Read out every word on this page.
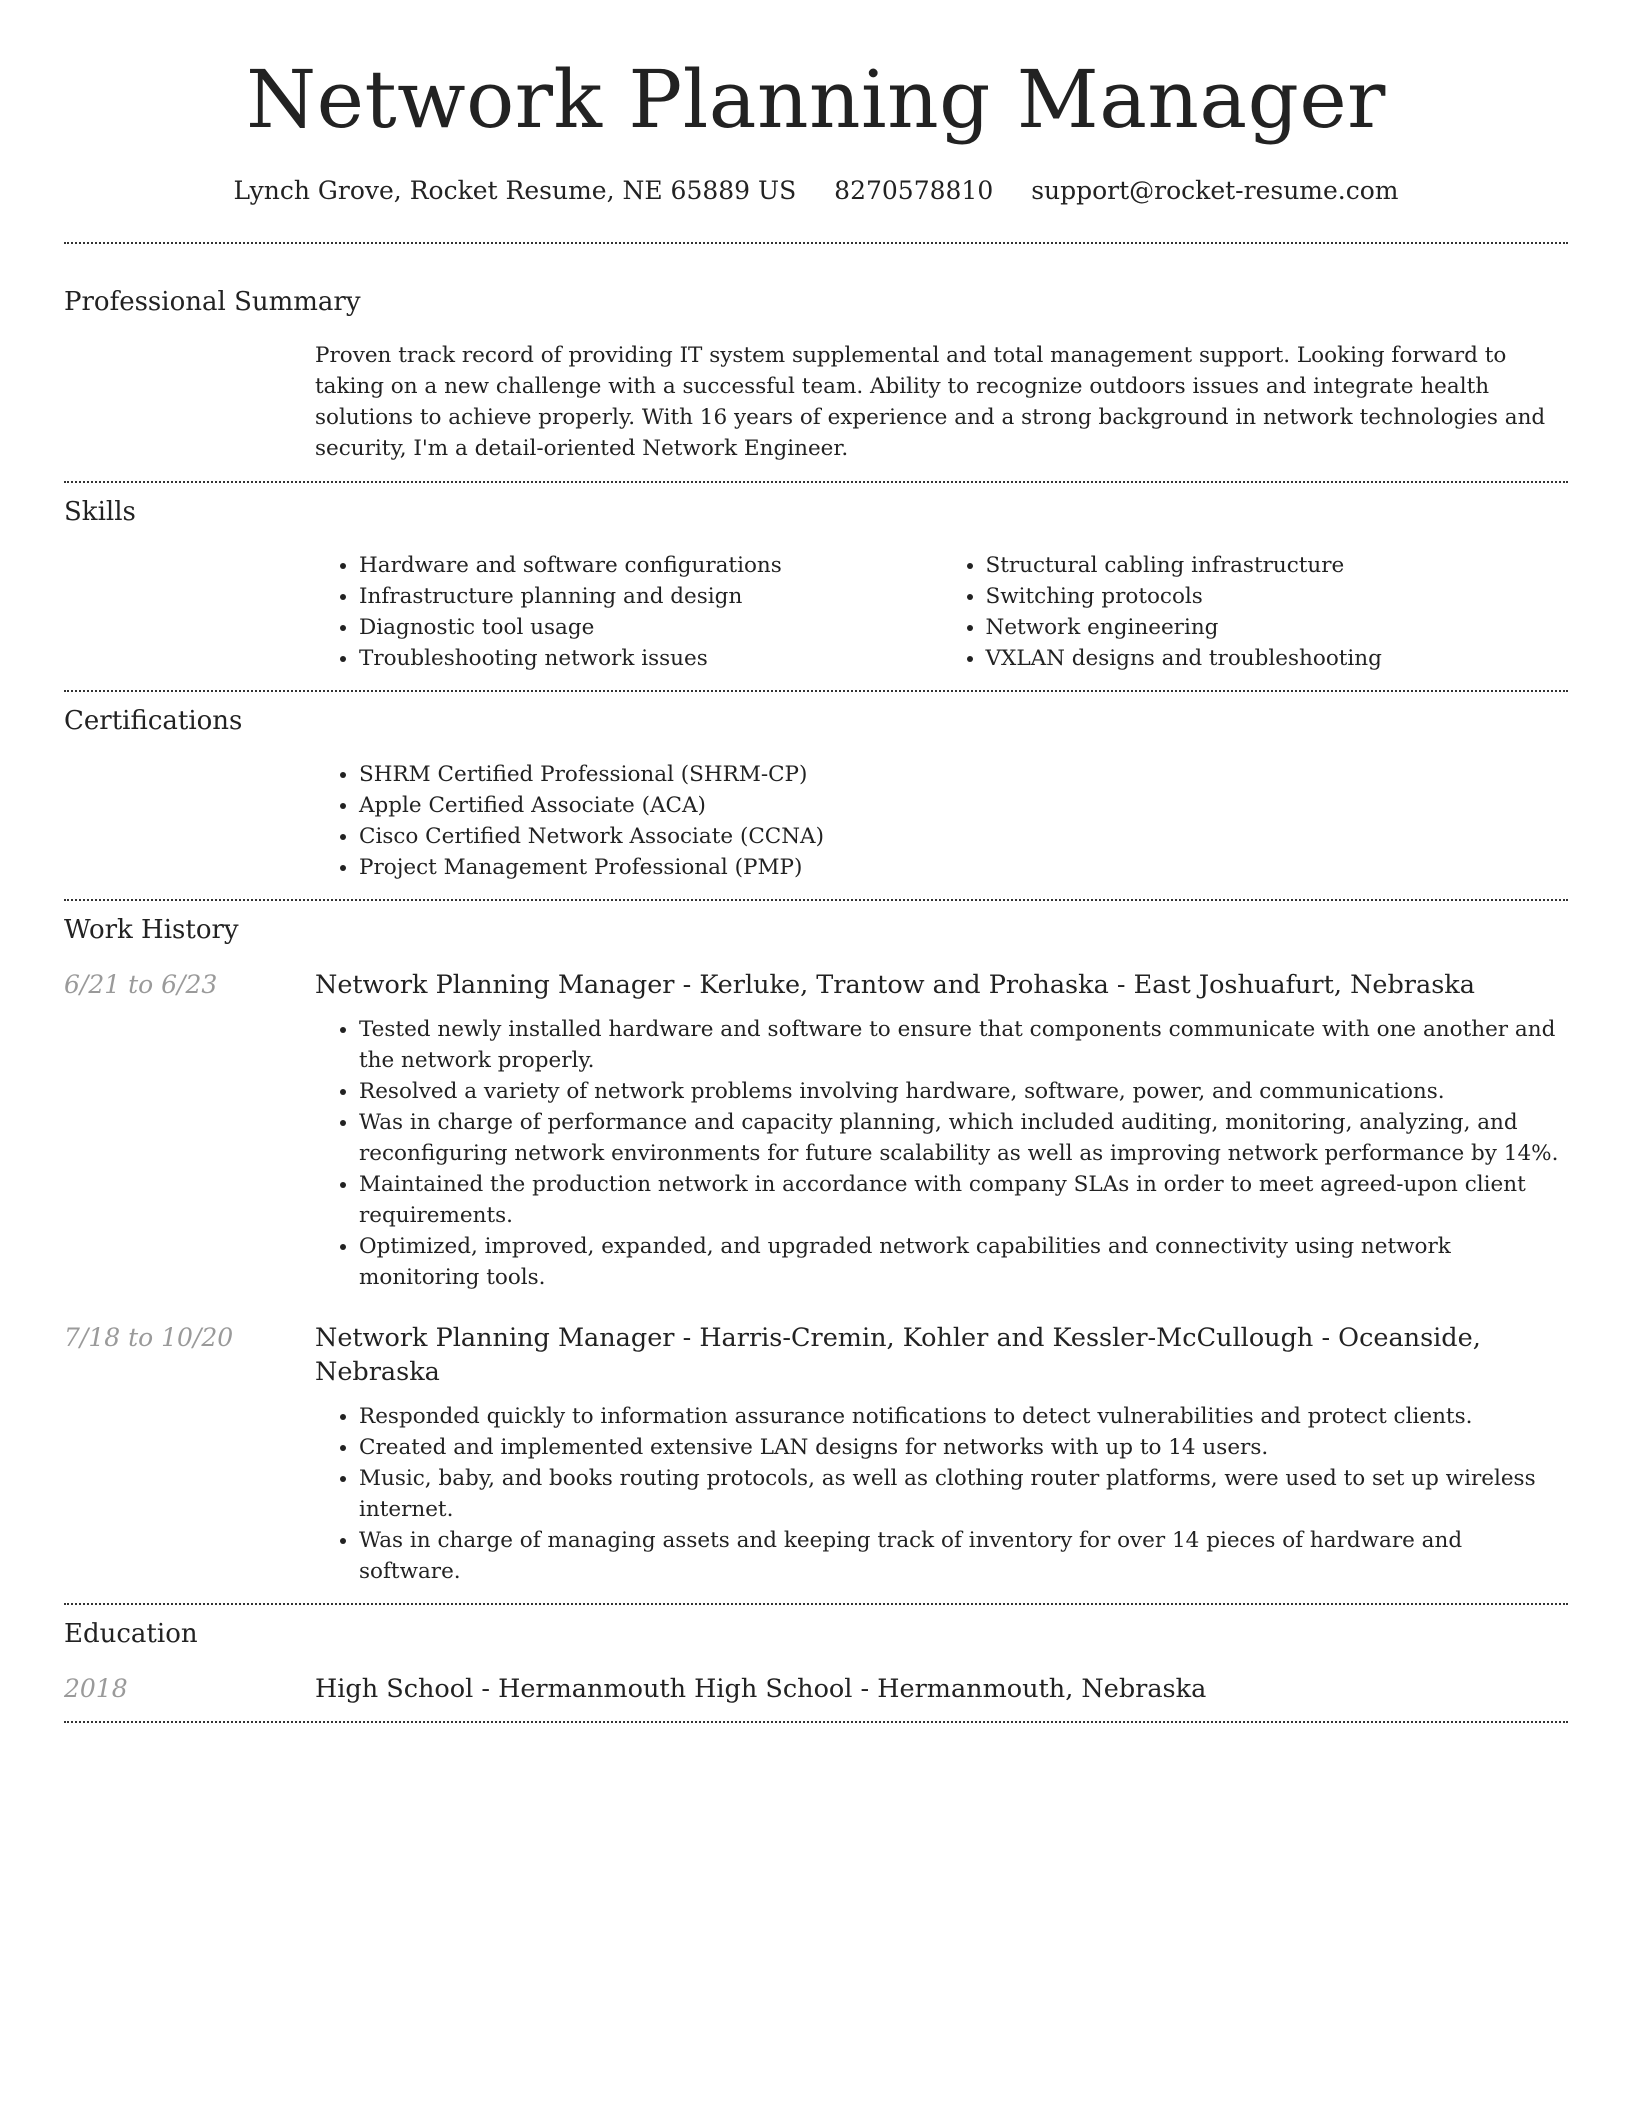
Network Planning Manager
Lynch Grove, Rocket Resume, NE 65889 US 8270578810 support@rocket-resume.com
Professional Summary
Proven track record of providing IT system supplemental and total management support. Looking forward to taking on a new challenge with a successful team. Ability to recognize outdoors issues and integrate health solutions to achieve properly. With 16 years of experience and a strong background in network technologies and security, I'm a detail-oriented Network Engineer.
Skills
• Hardware and software configurations
• Infrastructure planning and design
• Diagnostic tool usage
• Troubleshooting network issues
• Structural cabling infrastructure
• Switching protocols
• Network engineering
• VXLAN designs and troubleshooting
Certifications
• SHRM Certified Professional (SHRM-CP)
• Apple Certified Associate (ACA)
• Cisco Certified Network Associate (CCNA)
• Project Management Professional (PMP)
Work History
6/21 to 6/23	Network Planning Manager - Kerluke, Trantow and Prohaska - East Joshuafurt, Nebraska
• Tested newly installed hardware and software to ensure that components communicate with one another and the network properly.
• Resolved a variety of network problems involving hardware, software, power, and communications.
• Was in charge of performance and capacity planning, which included auditing, monitoring, analyzing, and reconfiguring network environments for future scalability as well as improving network performance by 14%.
• Maintained the production network in accordance with company SLAs in order to meet agreed-upon client requirements.
• Optimized, improved, expanded, and upgraded network capabilities and connectivity using network monitoring tools.
7/18 to 10/20	Network Planning Manager - Harris-Cremin, Kohler and Kessler-McCullough - Oceanside, Nebraska
• Responded quickly to information assurance notifications to detect vulnerabilities and protect clients.
• Created and implemented extensive LAN designs for networks with up to 14 users.
• Music, baby, and books routing protocols, as well as clothing router platforms, were used to set up wireless internet.
• Was in charge of managing assets and keeping track of inventory for over 14 pieces of hardware and software.
Education
2018	High School - Hermanmouth High School - Hermanmouth, Nebraska
